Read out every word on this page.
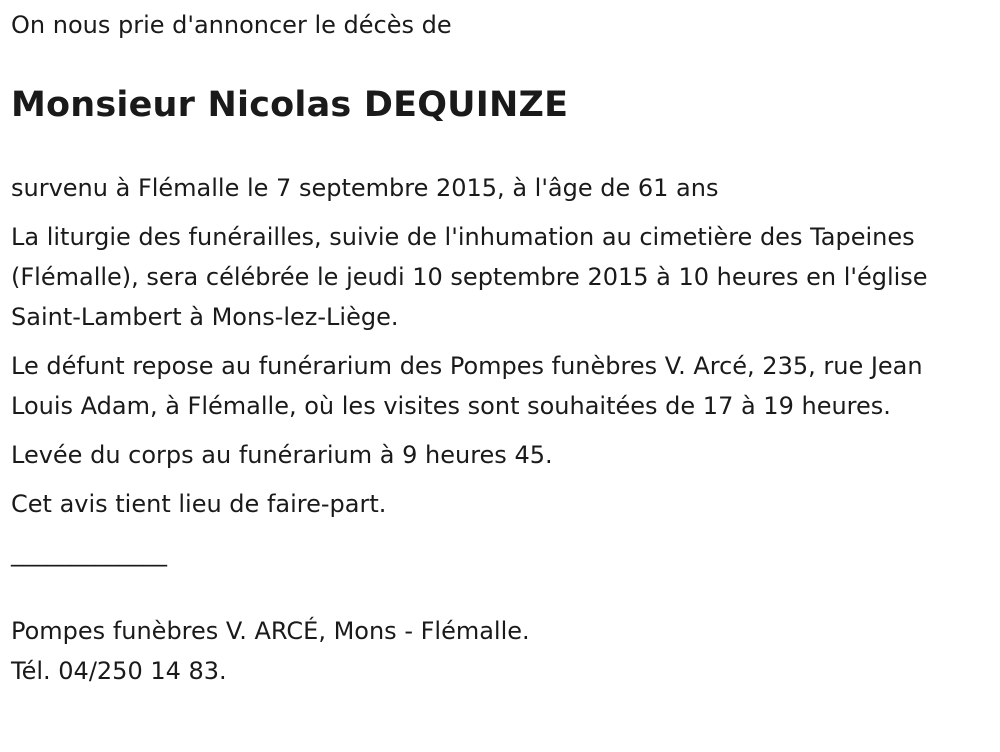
On nous prie d'annoncer le décès de

Monsieur Nicolas DEQUINZE

survenu à Flémalle le 7 septembre 2015, à l'âge de 61 ans

La liturgie des funérailles, suivie de l'inhumation au cimetière des Tapeines (Flémalle), sera célébrée le jeudi 10 septembre 2015 à 10 heures en l'église Saint-Lambert à Mons-lez-Liège.

Le défunt repose au funérarium des Pompes funèbres V. Arcé, 235, rue Jean Louis Adam, à Flémalle, où les visites sont souhaitées de 17 à 19 heures.

Levée du corps au funérarium à 9 heures 45.

Cet avis tient lieu de faire-part.

_____________

Pompes funèbres V. ARCÉ, Mons - Flémalle.

Tél. 04/250 14 83.
